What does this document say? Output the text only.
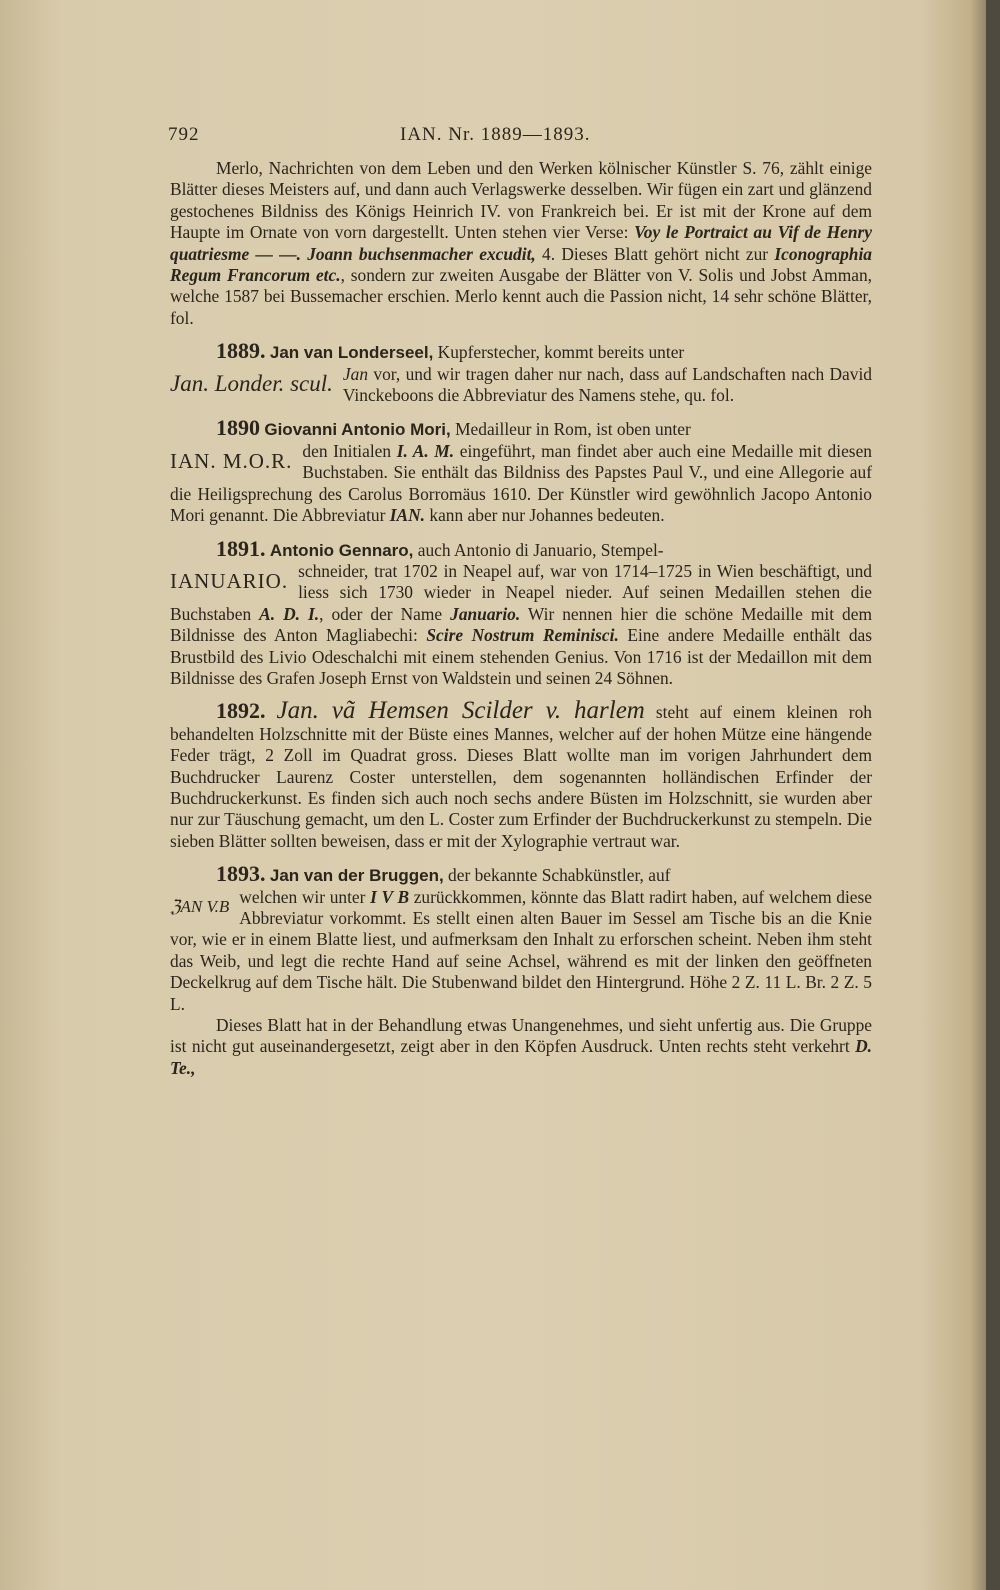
792	IAN. Nr. 1889—1893.

Merlo, Nachrichten von dem Leben und den Werken kölnischer Künstler S. 76, zählt einige Blätter dieses Meisters auf, und dann auch Verlagswerke desselben. Wir fügen ein zart und glänzend gestochenes Bildniss des Königs Heinrich IV. von Frankreich bei. Er ist mit der Krone auf dem Haupte im Ornate von vorn dargestellt. Unten stehen vier Verse: Voy le Portraict au Vif de Henry quatriesme — —. Joann buchsenmacher excudit, 4. Dieses Blatt gehört nicht zur Iconographia Regum Francorum etc., sondern zur zweiten Ausgabe der Blätter von V. Solis und Jobst Amman, welche 1587 bei Bussemacher erschien. Merlo kennt auch die Passion nicht, 14 sehr schöne Blätter, fol.

1889. Jan van Londerseel, Kupferstecher, kommt bereits unter

Jan. Londer. scul. Jan vor, und wir tragen daher nur nach, dass auf Landschaften nach David Vinckeboons die Abbreviatur des Namens stehe, qu. fol.

1890 Giovanni Antonio Mori, Medailleur in Rom, ist oben unter

IAN. M.O.R. den Initialen I. A. M. eingeführt, man findet aber auch eine Medaille mit diesen Buchstaben. Sie enthält das Bildniss des Papstes Paul V., und eine Allegorie auf die Heiligsprechung des Carolus Borromäus 1610. Der Künstler wird gewöhnlich Jacopo Antonio Mori genannt. Die Abbreviatur IAN. kann aber nur Johannes bedeuten.

1891. Antonio Gennaro, auch Antonio di Januario, Stempel-

IANUARIO. schneider, trat 1702 in Neapel auf, war von 1714–1725 in Wien beschäftigt, und liess sich 1730 wieder in Neapel nieder. Auf seinen Medaillen stehen die Buchstaben A. D. I., oder der Name Januario. Wir nennen hier die schöne Medaille mit dem Bildnisse des Anton Magliabechi: Scire Nostrum Reminisci. Eine andere Medaille enthält das Brustbild des Livio Odeschalchi mit einem stehenden Genius. Von 1716 ist der Medaillon mit dem Bildnisse des Grafen Joseph Ernst von Waldstein und seinen 24 Söhnen.

1892. Jan. vã Hemsen Scilder v. harlem steht auf einem kleinen roh behandelten Holzschnitte mit der Büste eines Mannes, welcher auf der hohen Mütze eine hängende Feder trägt, 2 Zoll im Quadrat gross. Dieses Blatt wollte man im vorigen Jahrhundert dem Buchdrucker Laurenz Coster unterstellen, dem sogenannten holländischen Erfinder der Buchdruckerkunst. Es finden sich auch noch sechs andere Büsten im Holzschnitt, sie wurden aber nur zur Täuschung gemacht, um den L. Coster zum Erfinder der Buchdruckerkunst zu stempeln. Die sieben Blätter sollten beweisen, dass er mit der Xylographie vertraut war.

1893. Jan van der Bruggen, der bekannte Schabkünstler, auf

ℨAN V.B welchen wir unter I V B zurückkommen, könnte das Blatt radirt haben, auf welchem diese Abbreviatur vorkommt. Es stellt einen alten Bauer im Sessel am Tische bis an die Knie vor, wie er in einem Blatte liest, und aufmerksam den Inhalt zu erforschen scheint. Neben ihm steht das Weib, und legt die rechte Hand auf seine Achsel, während es mit der linken den geöffneten Deckelkrug auf dem Tische hält. Die Stubenwand bildet den Hintergrund. Höhe 2 Z. 11 L. Br. 2 Z. 5 L.

Dieses Blatt hat in der Behandlung etwas Unangenehmes, und sieht unfertig aus. Die Gruppe ist nicht gut auseinandergesetzt, zeigt aber in den Köpfen Ausdruck. Unten rechts steht verkehrt D. Te.,
